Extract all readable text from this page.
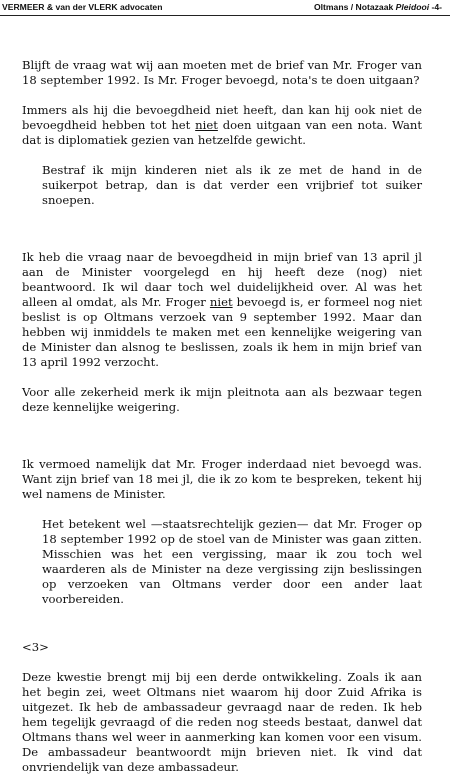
VERMEER & van der VLERK advocaten	Oltmans / Notazaak Pleidooi -4-

Blijft de vraag wat wij aan moeten met de brief van Mr. Froger van 18 september 1992. Is Mr. Froger bevoegd, nota's te doen uitgaan?

Immers als hij die bevoegdheid niet heeft, dan kan hij ook niet de bevoegdheid hebben tot het niet doen uitgaan van een nota. Want dat is diplomatiek gezien van hetzelfde gewicht.

Bestraf ik mijn kinderen niet als ik ze met de hand in de suikerpot betrap, dan is dat verder een vrijbrief tot suiker snoepen.

Ik heb die vraag naar de bevoegdheid in mijn brief van 13 april jl aan de Minister voorgelegd en hij heeft deze (nog) niet beantwoord. Ik wil daar toch wel duidelijkheid over. Al was het alleen al omdat, als Mr. Froger niet bevoegd is, er formeel nog niet beslist is op Oltmans verzoek van 9 september 1992. Maar dan hebben wij inmiddels te maken met een kennelijke weigering van de Minister dan alsnog te beslissen, zoals ik hem in mijn brief van 13 april 1992 verzocht.

Voor alle zekerheid merk ik mijn pleitnota aan als bezwaar tegen deze kennelijke weigering.

Ik vermoed namelijk dat Mr. Froger inderdaad niet bevoegd was. Want zijn brief van 18 mei jl, die ik zo kom te bespreken, tekent hij wel namens de Minister.

Het betekent wel —staatsrechtelijk gezien— dat Mr. Froger op 18 september 1992 op de stoel van de Minister was gaan zitten. Misschien was het een vergissing, maar ik zou toch wel waarderen als de Minister na deze vergissing zijn beslissingen op verzoeken van Oltmans verder door een ander laat voorbereiden.

<3>

Deze kwestie brengt mij bij een derde ontwikkeling. Zoals ik aan het begin zei, weet Oltmans niet waarom hij door Zuid Afrika is uitgezet. Ik heb de ambassadeur gevraagd naar de reden. Ik heb hem tegelijk gevraagd of die reden nog steeds bestaat, danwel dat Oltmans thans wel weer in aanmerking kan komen voor een visum. De ambassadeur beantwoordt mijn brieven niet. Ik vind dat onvriendelijk van deze ambassadeur.
